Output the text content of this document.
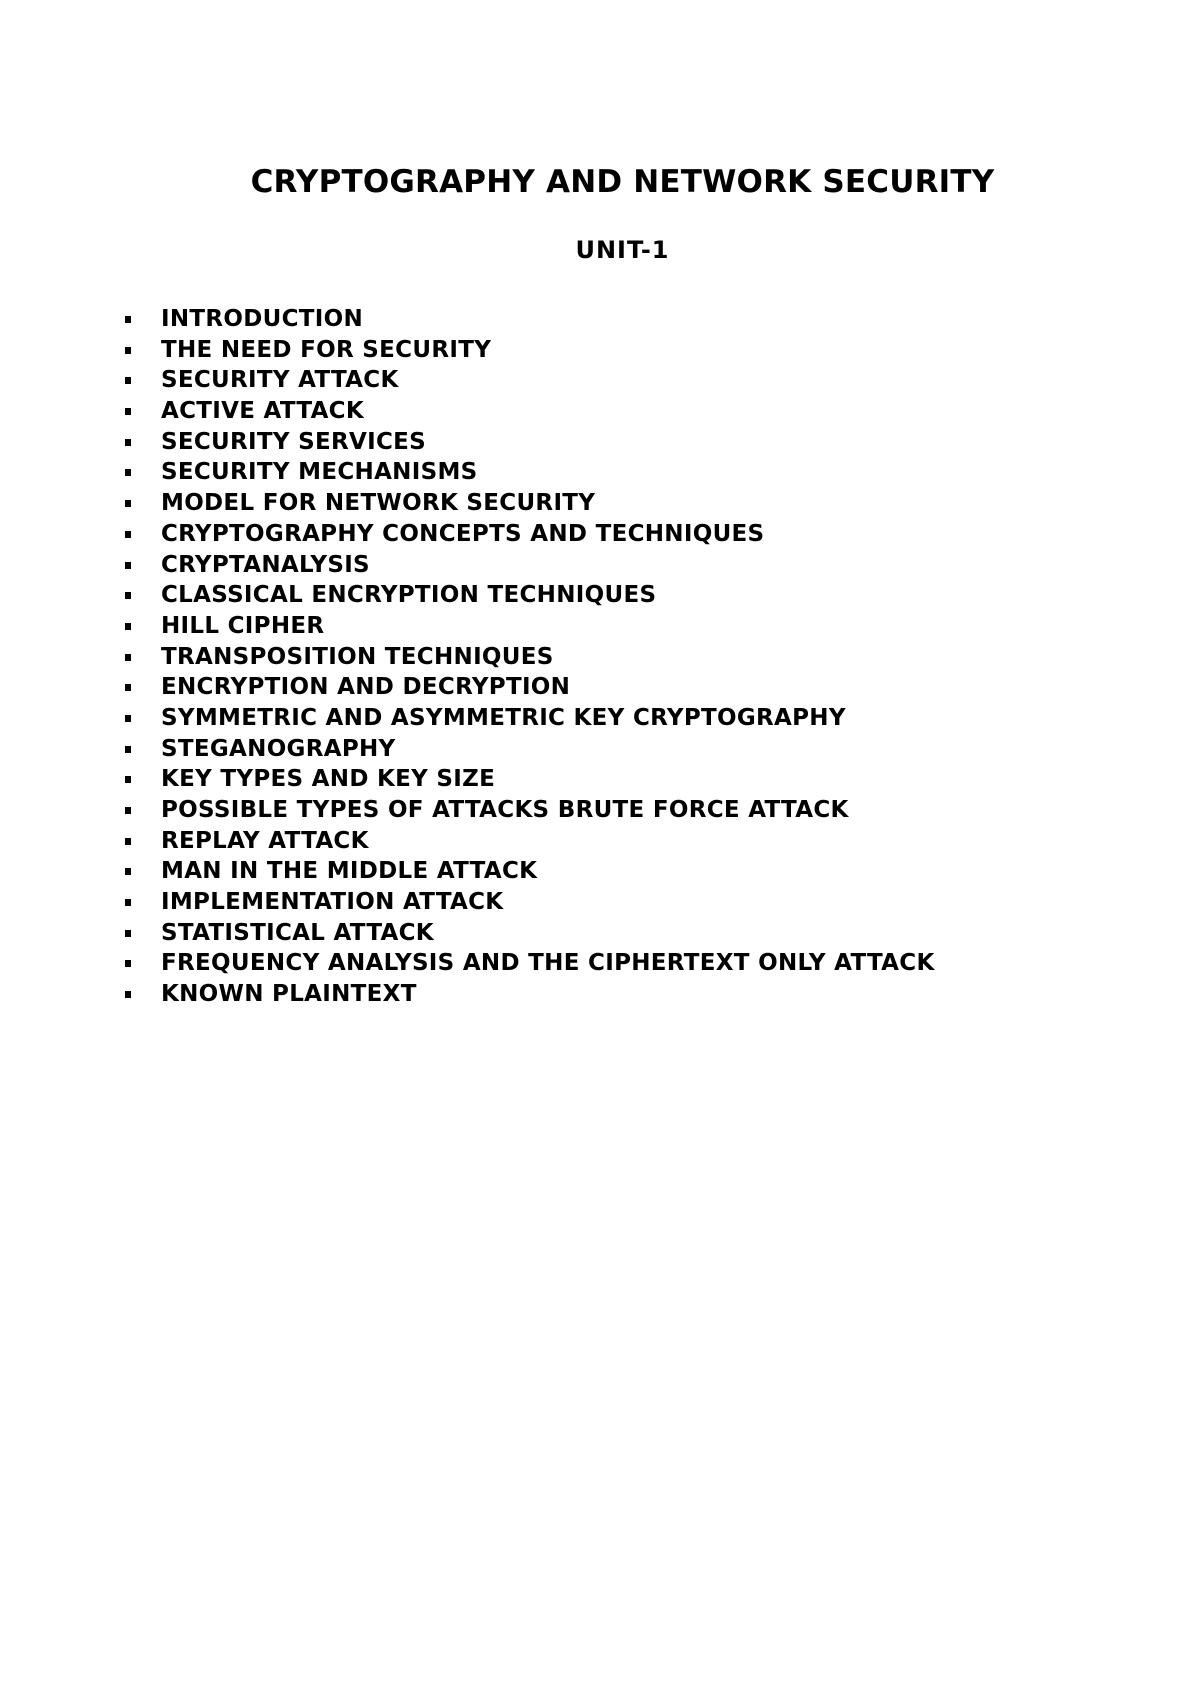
CRYPTOGRAPHY AND NETWORK SECURITY
UNIT-1
INTRODUCTION
THE NEED FOR SECURITY
SECURITY ATTACK
ACTIVE ATTACK
SECURITY SERVICES
SECURITY MECHANISMS
MODEL FOR NETWORK SECURITY
CRYPTOGRAPHY CONCEPTS AND TECHNIQUES
CRYPTANALYSIS
CLASSICAL ENCRYPTION TECHNIQUES
HILL CIPHER
TRANSPOSITION TECHNIQUES
ENCRYPTION AND DECRYPTION
SYMMETRIC AND ASYMMETRIC KEY CRYPTOGRAPHY
STEGANOGRAPHY
KEY TYPES AND KEY SIZE
POSSIBLE TYPES OF ATTACKS BRUTE FORCE ATTACK
REPLAY ATTACK
MAN IN THE MIDDLE ATTACK
IMPLEMENTATION ATTACK
STATISTICAL ATTACK
FREQUENCY ANALYSIS AND THE CIPHERTEXT ONLY ATTACK
KNOWN PLAINTEXT
